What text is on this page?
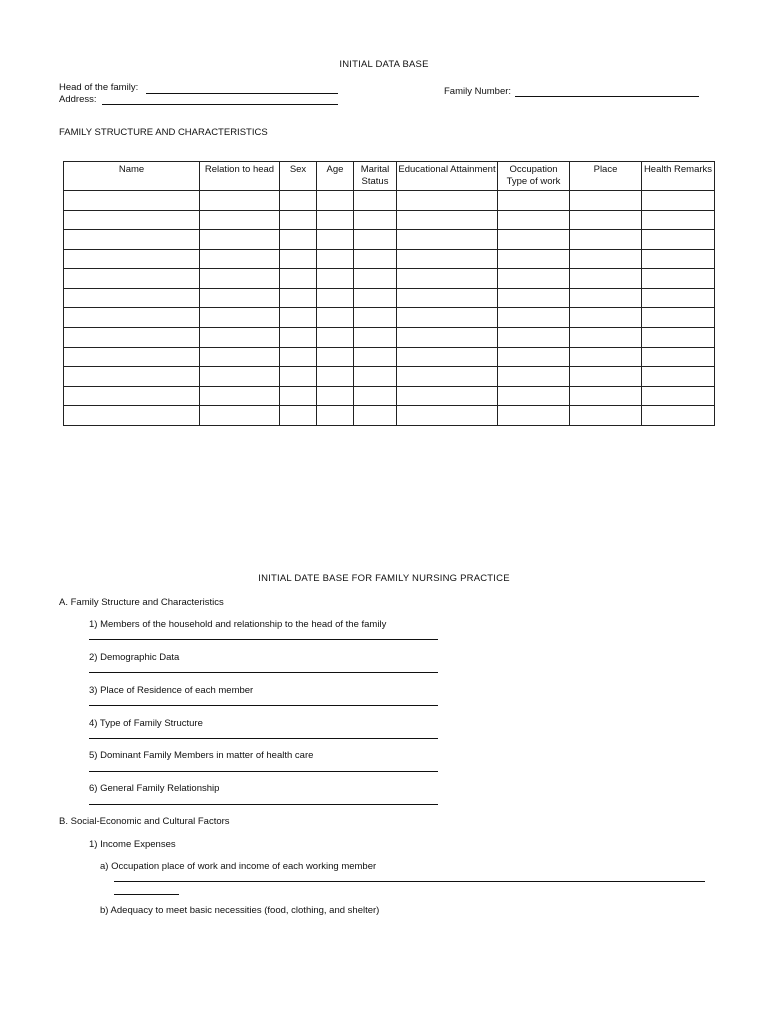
INITIAL DATA BASE
Head of the family:
Address:
Family Number:
FAMILY STRUCTURE AND CHARACTERISTICS
Name	Relation to head	Sex	Age	Marital Status	Educational Attainment	Occupation Type of work	Place	Health Remarks

INITIAL DATE BASE FOR FAMILY NURSING PRACTICE
A. Family Structure and Characteristics
1) Members of the household and relationship to the head of the family
2) Demographic Data
3) Place of Residence of each member
4) Type of Family Structure
5) Dominant Family Members in matter of health care
6) General Family Relationship
B. Social-Economic and Cultural Factors
1) Income Expenses
a) Occupation place of work and income of each working member
b) Adequacy to meet basic necessities (food, clothing, and shelter)
